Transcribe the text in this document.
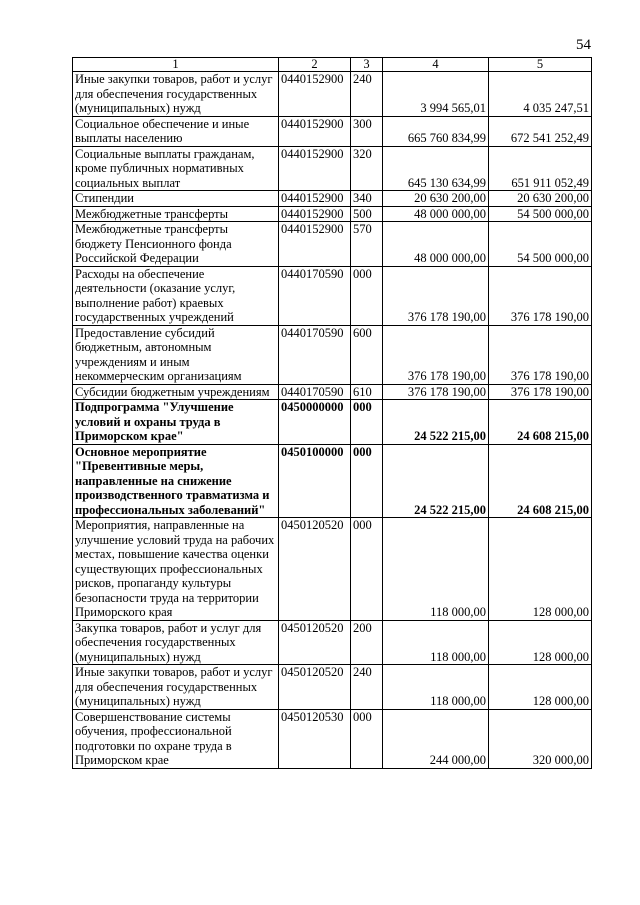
54
1	2	3	4	5
Иные закупки товаров, работ и услуг для обеспечения государственных (муниципальных) нужд	0440152900	240	3 994 565,01	4 035 247,51
Социальное обеспечение и иные выплаты населению	0440152900	300	665 760 834,99	672 541 252,49
Социальные выплаты гражданам, кроме публичных нормативных социальных выплат	0440152900	320	645 130 634,99	651 911 052,49
Стипендии	0440152900	340	20 630 200,00	20 630 200,00
Межбюджетные трансферты	0440152900	500	48 000 000,00	54 500 000,00
Межбюджетные трансферты бюджету Пенсионного фонда Российской Федерации	0440152900	570	48 000 000,00	54 500 000,00
Расходы на обеспечение деятельности (оказание услуг, выполнение работ) краевых государственных учреждений	0440170590	000	376 178 190,00	376 178 190,00
Предоставление субсидий бюджетным, автономным учреждениям и иным некоммерческим организациям	0440170590	600	376 178 190,00	376 178 190,00
Субсидии бюджетным учреждениям	0440170590	610	376 178 190,00	376 178 190,00
Подпрограмма "Улучшение условий и охраны труда в Приморском крае"	0450000000	000	24 522 215,00	24 608 215,00
Основное мероприятие "Превентивные меры, направленные на снижение производственного травматизма и профессиональных заболеваний"	0450100000	000	24 522 215,00	24 608 215,00
Мероприятия, направленные на улучшение условий труда на рабочих местах, повышение качества оценки существующих профессиональных рисков, пропаганду культуры безопасности труда на территории Приморского края	0450120520	000	118 000,00	128 000,00
Закупка товаров, работ и услуг для обеспечения государственных (муниципальных) нужд	0450120520	200	118 000,00	128 000,00
Иные закупки товаров, работ и услуг для обеспечения государственных (муниципальных) нужд	0450120520	240	118 000,00	128 000,00
Совершенствование системы обучения, профессиональной подготовки по охране труда в Приморском крае	0450120530	000	244 000,00	320 000,00
